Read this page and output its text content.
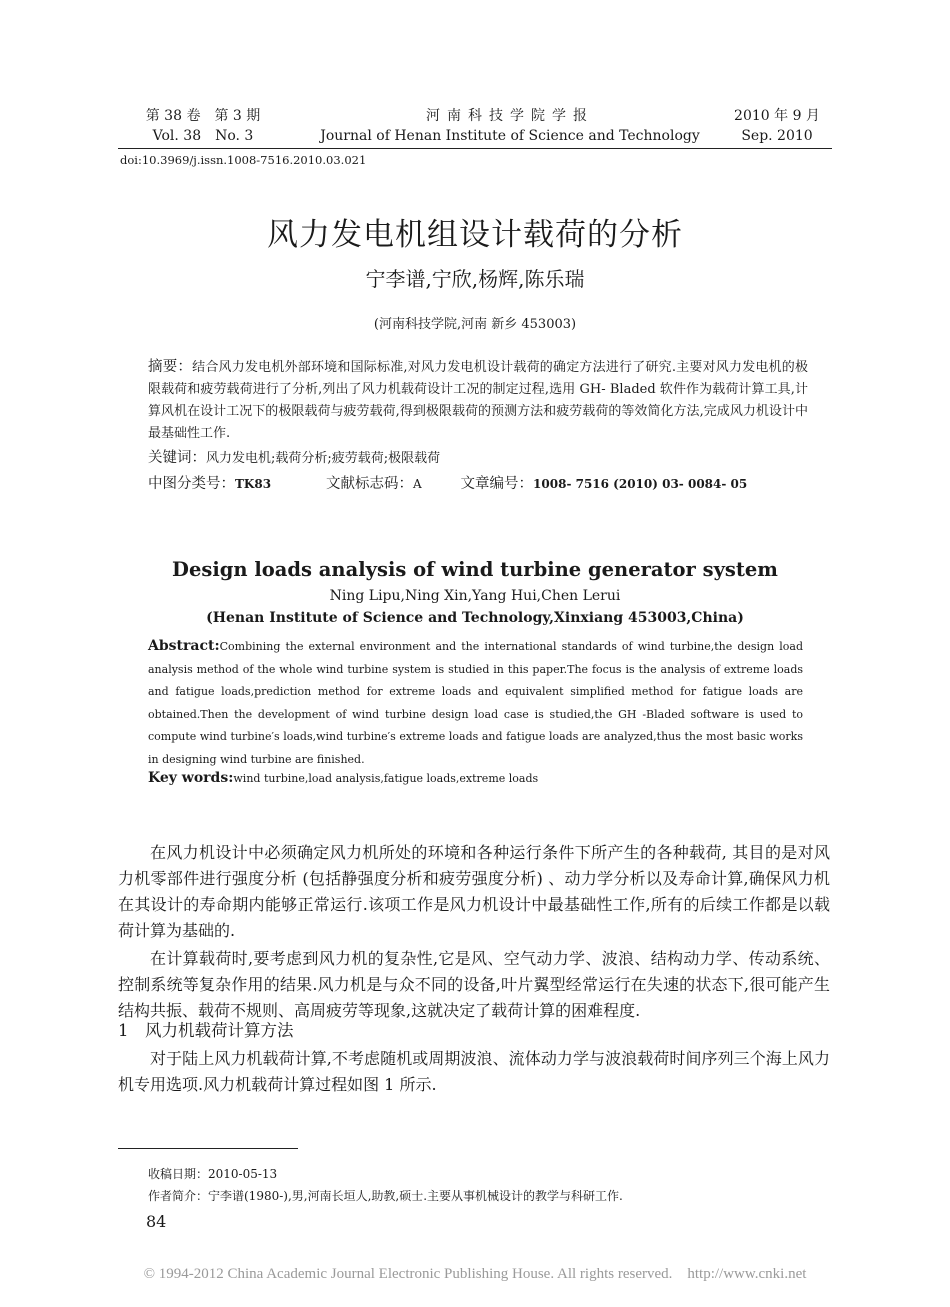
第 38 卷　第 3 期
Vol. 38　No. 3
河南科技学院学报
Journal of Henan Institute of Science and Technology
2010 年 9 月
Sep. 2010
doi:10.3969/j.issn.1008-7516.2010.03.021
风力发电机组设计载荷的分析
宁李谱,宁欣,杨辉,陈乐瑞
(河南科技学院,河南 新乡 453003)
摘要：结合风力发电机外部环境和国际标准,对风力发电机设计载荷的确定方法进行了研究.主要对风力发电机的极限载荷和疲劳载荷进行了分析,列出了风力机载荷设计工况的制定过程,选用 GH- Bladed 软件作为载荷计算工具,计算风机在设计工况下的极限载荷与疲劳载荷,得到极限载荷的预测方法和疲劳载荷的等效简化方法,完成风力机设计中最基础性工作.
关键词：风力发电机;载荷分析;疲劳载荷;极限载荷
中图分类号：TK83	文献标志码：A	文章编号：1008- 7516 (2010) 03- 0084- 05
Design loads analysis of wind turbine generator system
Ning Lipu,Ning Xin,Yang Hui,Chen Lerui
(Henan Institute of Science and Technology,Xinxiang 453003,China)
Abstract:Combining the external environment and the international standards of wind turbine,the design load analysis method of the whole wind turbine system is studied in this paper.The focus is the analysis of extreme loads and fatigue loads,prediction method for extreme loads and equivalent simplified method for fatigue loads are obtained.Then the development of wind turbine design load case is studied,the GH -Bladed software is used to compute wind turbine′s loads,wind turbine′s extreme loads and fatigue loads are analyzed,thus the most basic works in designing wind turbine are finished.
Key words:wind turbine,load analysis,fatigue loads,extreme loads

在风力机设计中必须确定风力机所处的环境和各种运行条件下所产生的各种载荷, 其目的是对风力机零部件进行强度分析 (包括静强度分析和疲劳强度分析) 、动力学分析以及寿命计算,确保风力机在其设计的寿命期内能够正常运行.该项工作是风力机设计中最基础性工作,所有的后续工作都是以载荷计算为基础的.

在计算载荷时,要考虑到风力机的复杂性,它是风、空气动力学、波浪、结构动力学、传动系统、控制系统等复杂作用的结果.风力机是与众不同的设备,叶片翼型经常运行在失速的状态下,很可能产生结构共振、载荷不规则、高周疲劳等现象,这就决定了载荷计算的困难程度.

1　风力机载荷计算方法

对于陆上风力机载荷计算,不考虑随机或周期波浪、流体动力学与波浪载荷时间序列三个海上风力机专用选项.风力机载荷计算过程如图 1 所示.

收稿日期：2010-05-13
作者简介：宁李谱(1980-),男,河南长垣人,助教,硕士.主要从事机械设计的教学与科研工作.
84
© 1994-2012 China Academic Journal Electronic Publishing House. All rights reserved.　http://www.cnki.net
